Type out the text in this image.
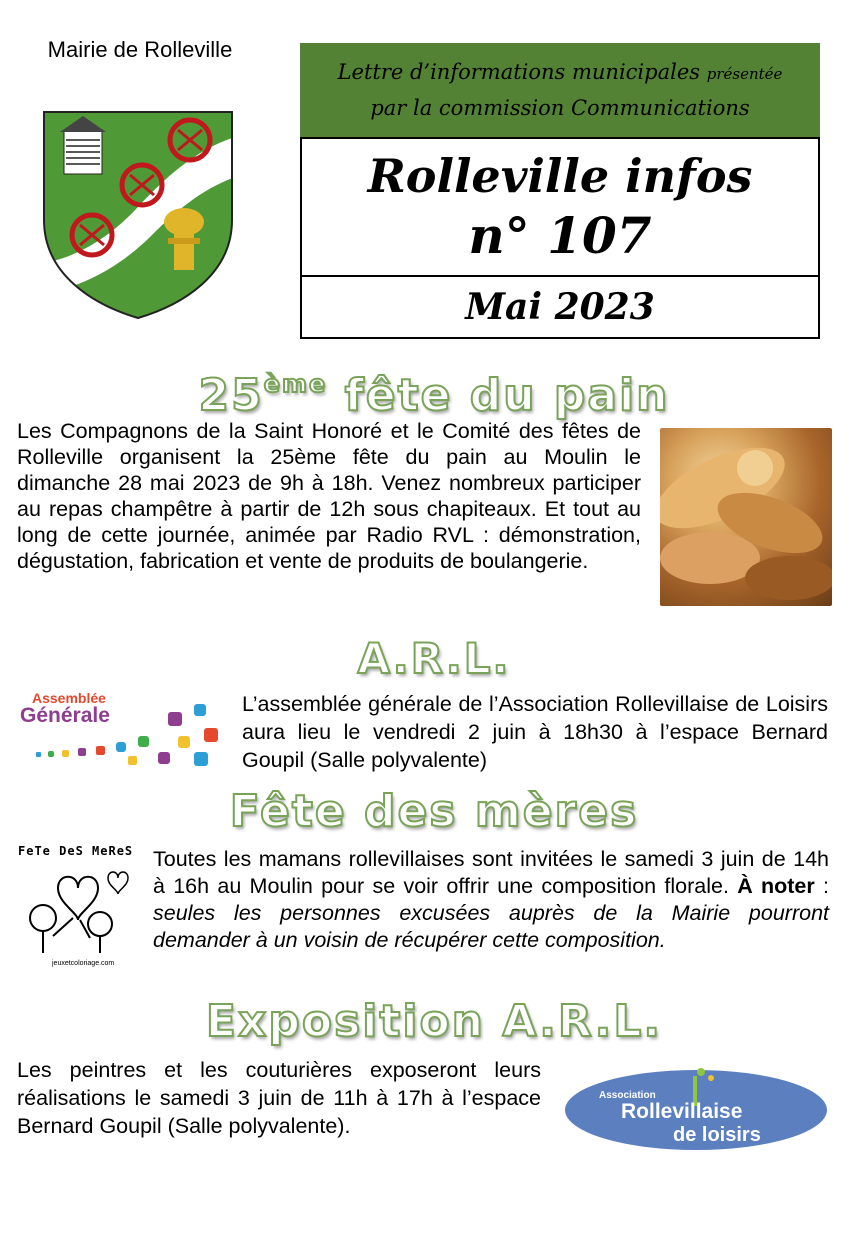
Mairie de Rolleville
Lettre d’informations municipales présentée
par la commission Communications
Rolleville infos
n° 107
Mai 2023
25ème fête du pain
Les Compagnons de la Saint Honoré et le Comité des fêtes de Rolleville organisent la 25ème fête du pain au Moulin le dimanche 28 mai 2023 de 9h à 18h. Venez nombreux participer au repas champêtre à partir de 12h sous chapiteaux. Et tout au long de cette journée, animée par Radio RVL : démonstration, dégustation, fabrication et vente de produits de boulangerie.
A.R.L.
Assemblée
Générale	L’assemblée générale de l’Association Rollevillaise de Loisirs aura lieu le vendredi 2 juin à 18h30 à l’espace Bernard Goupil (Salle polyvalente)
Fête des mères
FeTe DeS MeReS
jeuxetcoloriage.com
Toutes les mamans rollevillaises sont invitées le samedi 3 juin de 14h à 16h au Moulin pour se voir offrir une composition florale. À noter : seules les personnes excusées auprès de la Mairie pourront demander à un voisin de récupérer cette composition.
Exposition A.R.L.
Les peintres et les couturières exposeront leurs réalisations le samedi 3 juin de 11h à 17h à l’espace Bernard Goupil (Salle polyvalente).
Association
Rollevillaise
de loisirs
